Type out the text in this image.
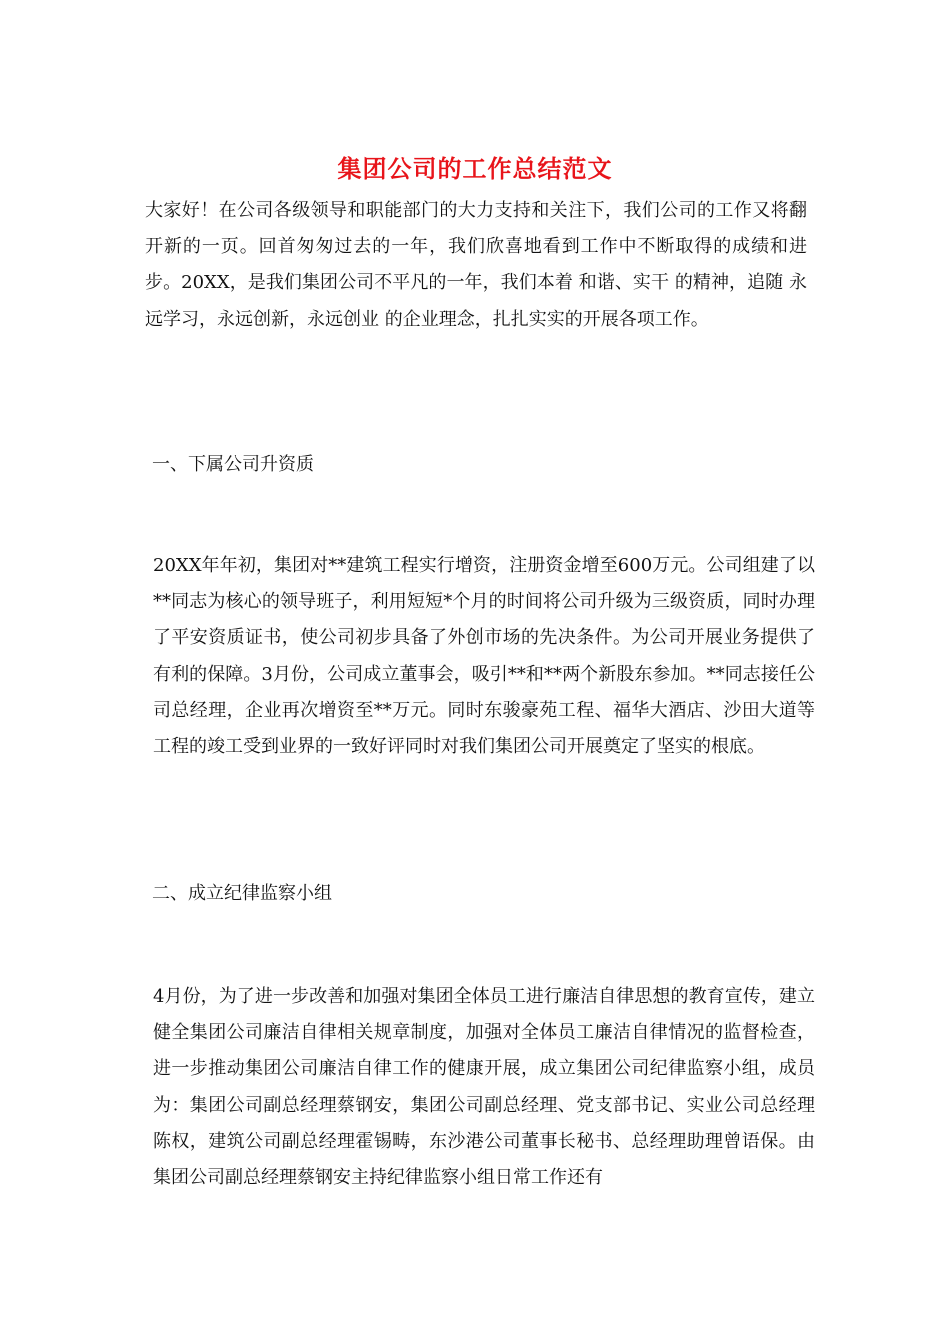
集团公司的工作总结范文
大家好！在公司各级领导和职能部门的大力支持和关注下，我们公司的工作又将翻开新的一页。回首匆匆过去的一年，我们欣喜地看到工作中不断取得的成绩和进步。20XX，是我们集团公司不平凡的一年，我们本着 和谐、实干 的精神，追随 永远学习，永远创新，永远创业 的企业理念，扎扎实实的开展各项工作。
一、下属公司升资质
20XX年年初，集团对**建筑工程实行增资，注册资金增至600万元。公司组建了以**同志为核心的领导班子，利用短短*个月的时间将公司升级为三级资质，同时办理了平安资质证书，使公司初步具备了外创市场的先决条件。为公司开展业务提供了有利的保障。3月份，公司成立董事会，吸引**和**两个新股东参加。**同志接任公司总经理，企业再次增资至**万元。同时东骏豪苑工程、福华大酒店、沙田大道等工程的竣工受到业界的一致好评同时对我们集团公司开展奠定了坚实的根底。
二、成立纪律监察小组
4月份，为了进一步改善和加强对集团全体员工进行廉洁自律思想的教育宣传，建立健全集团公司廉洁自律相关规章制度，加强对全体员工廉洁自律情况的监督检查，进一步推动集团公司廉洁自律工作的健康开展，成立集团公司纪律监察小组，成员为：集团公司副总经理蔡钢安，集团公司副总经理、党支部书记、实业公司总经理陈权，建筑公司副总经理霍锡畴，东沙港公司董事长秘书、总经理助理曾语保。由集团公司副总经理蔡钢安主持纪律监察小组日常工作还有
